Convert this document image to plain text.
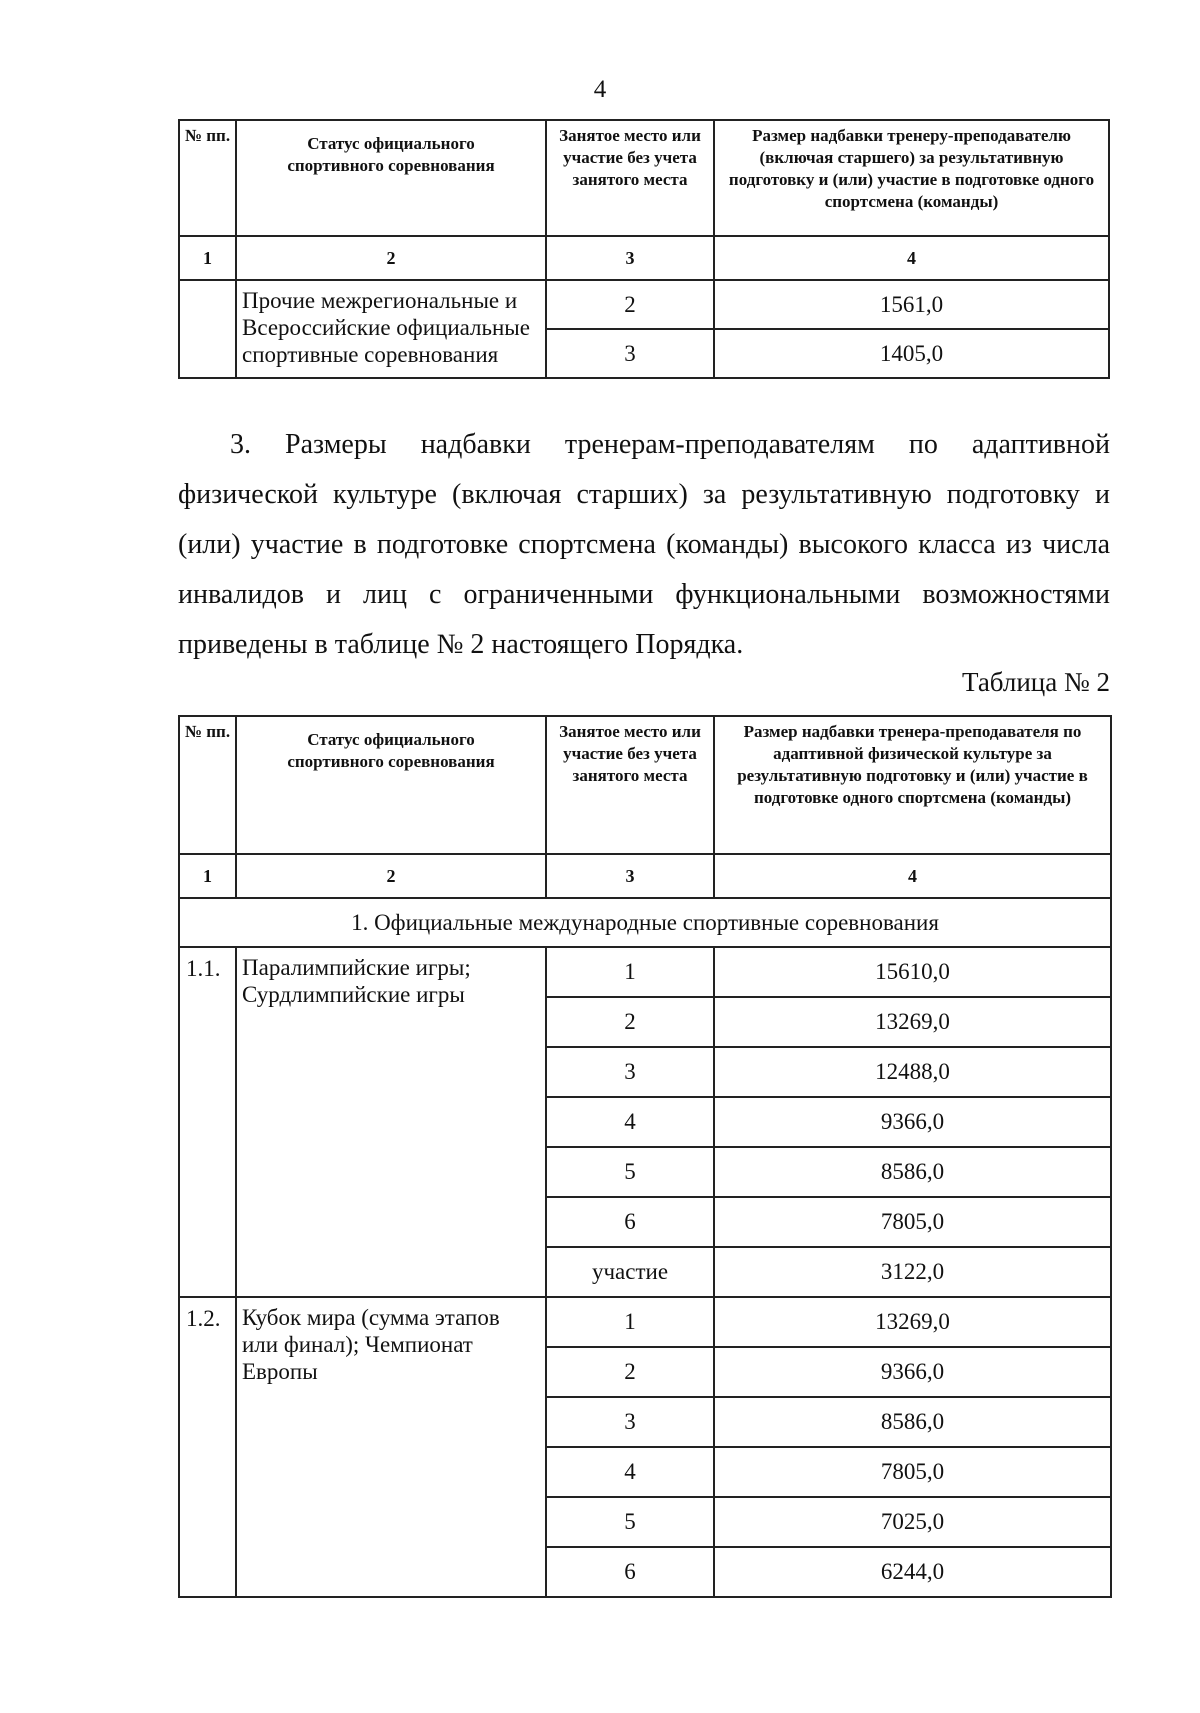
4
№ пп.	Статус официального спортивного соревнования	Занятое место или участие без учета занятого места	Размер надбавки тренеру-преподавателю (включая старшего) за результативную подготовку и (или) участие в подготовке одного спортсмена (команды)
1	2	3	4
	Прочие межрегиональные и Всероссийские официальные спортивные соревнования	2	1561,0
		3	1405,0
3. Размеры надбавки тренерам-преподавателям по адаптивной физической культуре (включая старших) за результативную подготовку и (или) участие в подготовке спортсмена (команды) высокого класса из числа инвалидов и лиц с ограниченными функциональными возможностями приведены в таблице № 2 настоящего Порядка.
Таблица № 2
№ пп.	Статус официального спортивного соревнования	Занятое место или участие без учета занятого места	Размер надбавки тренера-преподавателя по адаптивной физической культуре за результативную подготовку и (или) участие в подготовке одного спортсмена (команды)
1	2	3	4
1. Официальные международные спортивные соревнования			
1.1.	Паралимпийские игры; Сурдлимпийские игры	1	15610,0
		2	13269,0
		3	12488,0
		4	9366,0
		5	8586,0
		6	7805,0
		участие	3122,0
1.2.	Кубок мира (сумма этапов или финал); Чемпионат Европы	1	13269,0
		2	9366,0
		3	8586,0
		4	7805,0
		5	7025,0
		6	6244,0
